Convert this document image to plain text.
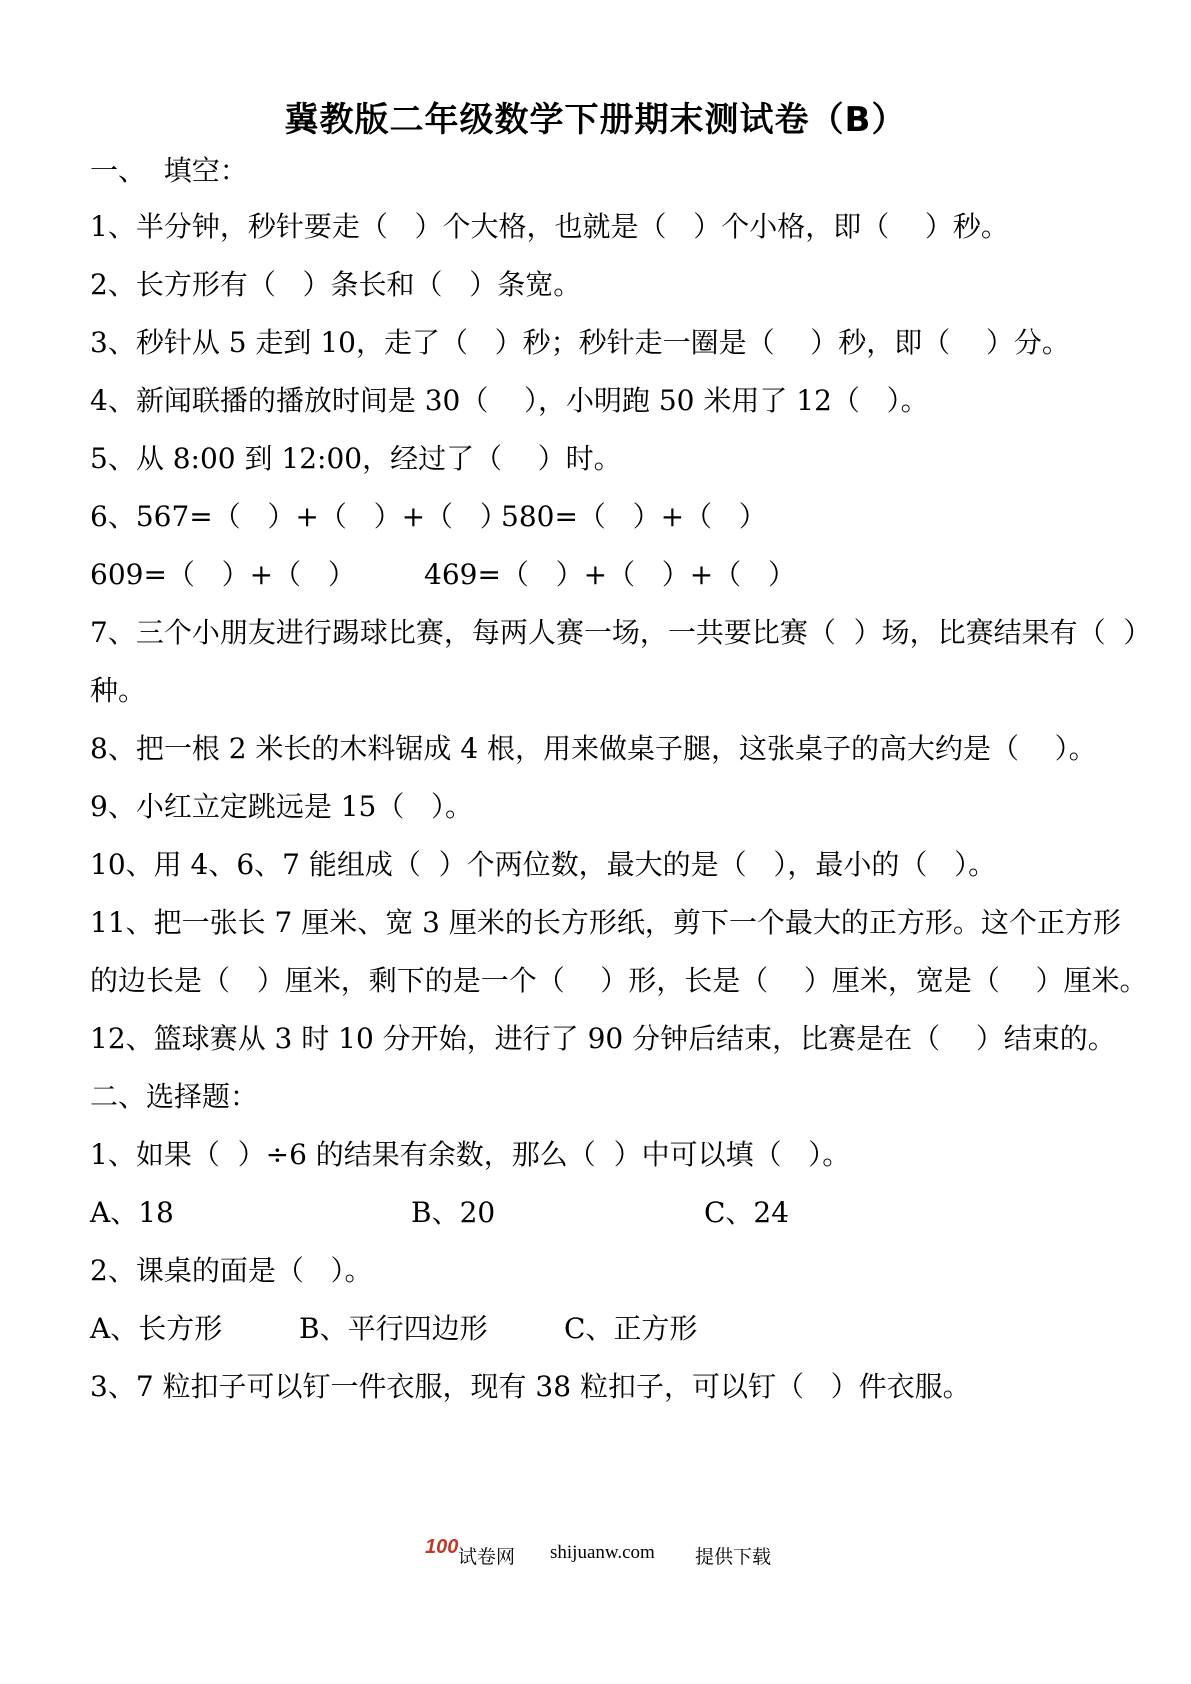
冀教版二年级数学下册期末测试卷（B）
一、  填空：
1、半分钟，秒针要走（   ）个大格，也就是（   ）个小格，即（    ）秒。
2、长方形有（   ）条长和（   ）条宽。
3、秒针从 5 走到 10，走了（   ）秒；秒针走一圈是（    ）秒，即（    ）分。
4、新闻联播的播放时间是 30（    ），小明跑 50 米用了 12（   ）。
5、从 8:00 到 12:00，经过了（    ）时。
6、567=（   ）+（   ）+（   ）
580=（   ）+（   ）
609=（   ）+（   ） 469=（   ）+（   ）+（   ）
7、三个小朋友进行踢球比赛，每两人赛一场，一共要比赛（  ）场，比赛结果有（  ）
种。
8、把一根 2 米长的木料锯成 4 根，用来做桌子腿，这张桌子的高大约是（    ）。
9、小红立定跳远是 15（   ）。
10、用 4、6、7 能组成（  ）个两位数，最大的是（   ），最小的（   ）。
11、把一张长 7 厘米、宽 3 厘米的长方形纸，剪下一个最大的正方形。这个正方形
的边长是（   ）厘米，剩下的是一个（    ）形，长是（    ）厘米，宽是（    ）厘米。
12、篮球赛从 3 时 10 分开始，进行了 90 分钟后结束，比赛是在（    ）结束的。
二、选择题：
1、如果（  ）÷6 的结果有余数，那么（  ）中可以填（   ）。
A、18	B、20	C、24
2、课桌的面是（   ）。
A、长方形	B、平行四边形	C、正方形
3、7 粒扣子可以钉一件衣服，现有 38 粒扣子，可以钉（   ）件衣服。

100

试卷网

shijuanw.com

提供下载
